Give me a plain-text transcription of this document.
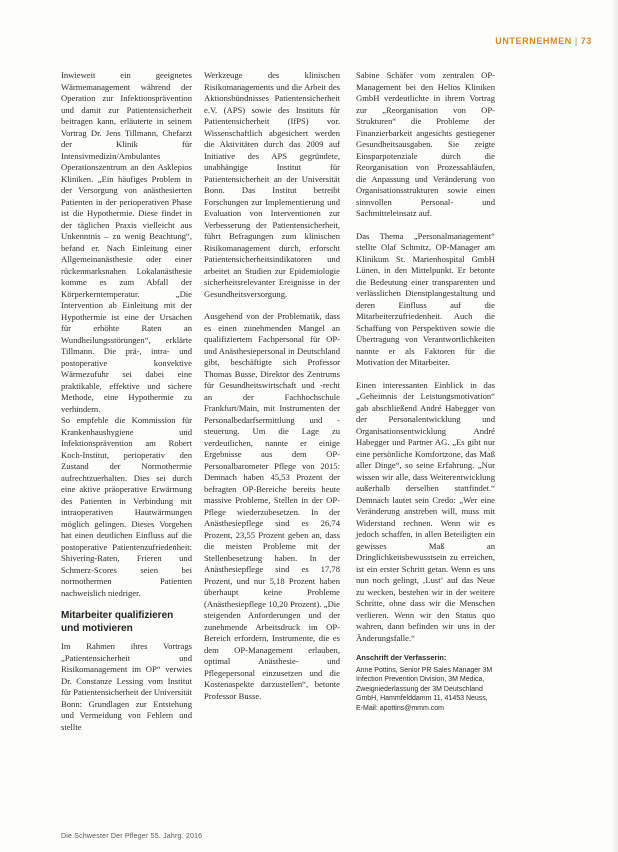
UNTERNEHMEN | 73

Inwieweit ein geeignetes Wärmemanagement während der Operation zur Infektionsprävention und damit zur Patientensicherheit beitragen kann, erläuterte in seinem Vortrag Dr. Jens Tillmann, Chefarzt der Klinik für Intensivmedizin/Ambulantes Operationszentrum an den Asklepios Kliniken. „Ein häufiges Problem in der Versorgung von anästhesierten Patienten in der perioperativen Phase ist die Hypothermie. Diese findet in der täglichen Praxis vielleicht aus Unkenntnis – zu wenig Beachtung“, befand er. Nach Einleitung einer Allgemeinanästhesie oder einer rückenmarksnahen Lokalanästhesie komme es zum Abfall der Körperkerntemperatur. „Die Intervention ab Einleitung mit der Hypothermie ist eine der Ursachen für erhöhte Raten an Wundheilungsstörungen“, erklärte Tillmann. Die prä-, intra- und postoperative konvektive Wärmezufuhr sei dabei eine praktikable, effektive und sichere Methode, eine Hypothermie zu verhindern.

So empfehle die Kommission für Krankenhaushygiene und Infektionsprävention am Robert Koch-Institut, perioperativ den Zustand der Normothermie aufrechtzuerhalten. Dies sei durch eine aktive präoperative Erwärmung des Patienten in Verbindung mit intraoperativen Hautwärmungen möglich gelingen. Dieses Vorgehen hat einen deutlichen Einfluss auf die postoperative Patientenzufriedenheit: Shivering-Raten, Frieren und Schmerz-Scores seien bei normothermen Patienten nachweislich niedriger.

Mitarbeiter qualifizieren und motivieren

Im Rahmen ihres Vortrags „Patientensicherheit und Risikomanagement im OP“ verwies Dr. Constanze Lessing vom Institut für Patientensicherheit der Universität Bonn: Grundlagen zur Entstehung und Vermeidung von Fehlern und stellte

Werkzeuge des klinischen Risikomanagements und die Arbeit des Aktionsbündnisses Patientensicherheit e.V. (APS) sowie des Instituts für Patientensicherheit (IfPS) vor. Wissenschaftlich abgesichert werden die Aktivitäten durch das 2009 auf Initiative des APS gegründete, unabhängige Institut für Patientensicherheit an der Universität Bonn. Das Institut betreibt Forschungen zur Implementierung und Evaluation von Interventionen zur Verbesserung der Patientensicherheit, führt Befragungen zum klinischen Risikomanagement durch, erforscht Patientensicherheitsindikatoren und arbeitet an Studien zur Epidemiologie sicherheitsrelevanter Ereignisse in der Gesundheitsversorgung.

Ausgehend von der Problematik, dass es einen zunehmenden Mangel an qualifiziertem Fachpersonal für OP- und Anästhesiepersonal in Deutschland gibt, beschäftigte sich Professor Thomas Busse, Direktor des Zentrums für Gesundheitswirtschaft und -recht an der Fachhochschule Frankfurt/Main, mit Instrumenten der Personalbedarfsermittlung und -steuerung. Um die Lage zu verdeutlichen, nannte er einige Ergebnisse aus dem OP-Personalbarometer Pflege von 2015: Demnach haben 45,53 Prozent der befragten OP-Bereiche bereits heute massive Probleme, Stellen in der OP-Pflege wiederzubesetzen. In der Anästhesiepflege sind es 26,74 Prozent, 23,55 Prozent geben an, dass die meisten Probleme mit der Stellenbesetzung haben. In der Anästhesiepflege sind es 17,78 Prozent, und nur 5,18 Prozent haben überhaupt keine Probleme (Anästhesiepflege 10,20 Prozent). „Die steigenden Anforderungen und der zunehmende Arbeitsdruck im OP-Bereich erfordern, Instrumente, die es dem OP-Management erlauben, optimal Anästhesie- und Pflegepersonal einzusetzen und die Kostenaspekte darzustellen“, betonte Professor Busse.

Sabine Schäfer vom zentralen OP-Management bei den Helios Kliniken GmbH verdeutlichte in ihrem Vortrag zur „Reorganisation von OP-Strukturen“ die Probleme der Finanzierbarkeit angesichts gestiegener Gesundheitsausgaben. Sie zeigte Einsparpotenziale durch die Reorganisation von Prozessabläufen, die Anpassung und Veränderung von Organisationsstrukturen sowie einen sinnvollen Personal- und Sachmitteleinsatz auf.

Das Thema „Personalmanagement“ stellte Olaf Schmitz, OP-Manager am Klinikum St. Marienhospital GmbH Lünen, in den Mittelpunkt. Er betonte die Bedeutung einer transparenten und verlässlichen Dienstplangestaltung und deren Einfluss auf die Mitarbeiterzufriedenheit. Auch die Schaffung von Perspektiven sowie die Übertragung von Verantwortlichkeiten nannte er als Faktoren für die Motivation der Mitarbeiter.

Einen interessanten Einblick in das „Geheimnis der Leistungsmotivation“ gab abschließend André Habegger von der Personalentwicklung und Organisationsentwicklung André Habegger und Partner AG. „Es gibt nur eine persönliche Komfortzone, das Maß aller Dinge“, so seine Erfahrung. „Nur wissen wir alle, dass Weiterentwicklung außerhalb derselben stattfindet.“ Demnach lautet sein Credo: „Wer eine Veränderung anstreben will, muss mit Widerstand rechnen. Wenn wir es jedoch schaffen, in allen Beteiligten ein gewisses Maß an Dringlichkeitsbewusstsein zu erreichen, ist ein erster Schritt getan. Wenn es uns nun noch gelingt, ‚Lust‘ auf das Neue zu wecken, bestehen wir in der weitere Schritte, ohne dass wir die Menschen verlieren. Wenn wir den Status quo wahren, dann befinden wir uns in der Änderungsfalle.“

Anschrift der Verfasserin:
Anne Pottins, Senior PR Sales Manager 3M Infection Prevention Division, 3M Medica, Zweigniederlassung der 3M Deutschland GmbH, Hammfelddamm 11, 41453 Neuss, E-Mail: apottins@mmm.com
Die Schwester Der Pfleger 55. Jahrg. 2016
